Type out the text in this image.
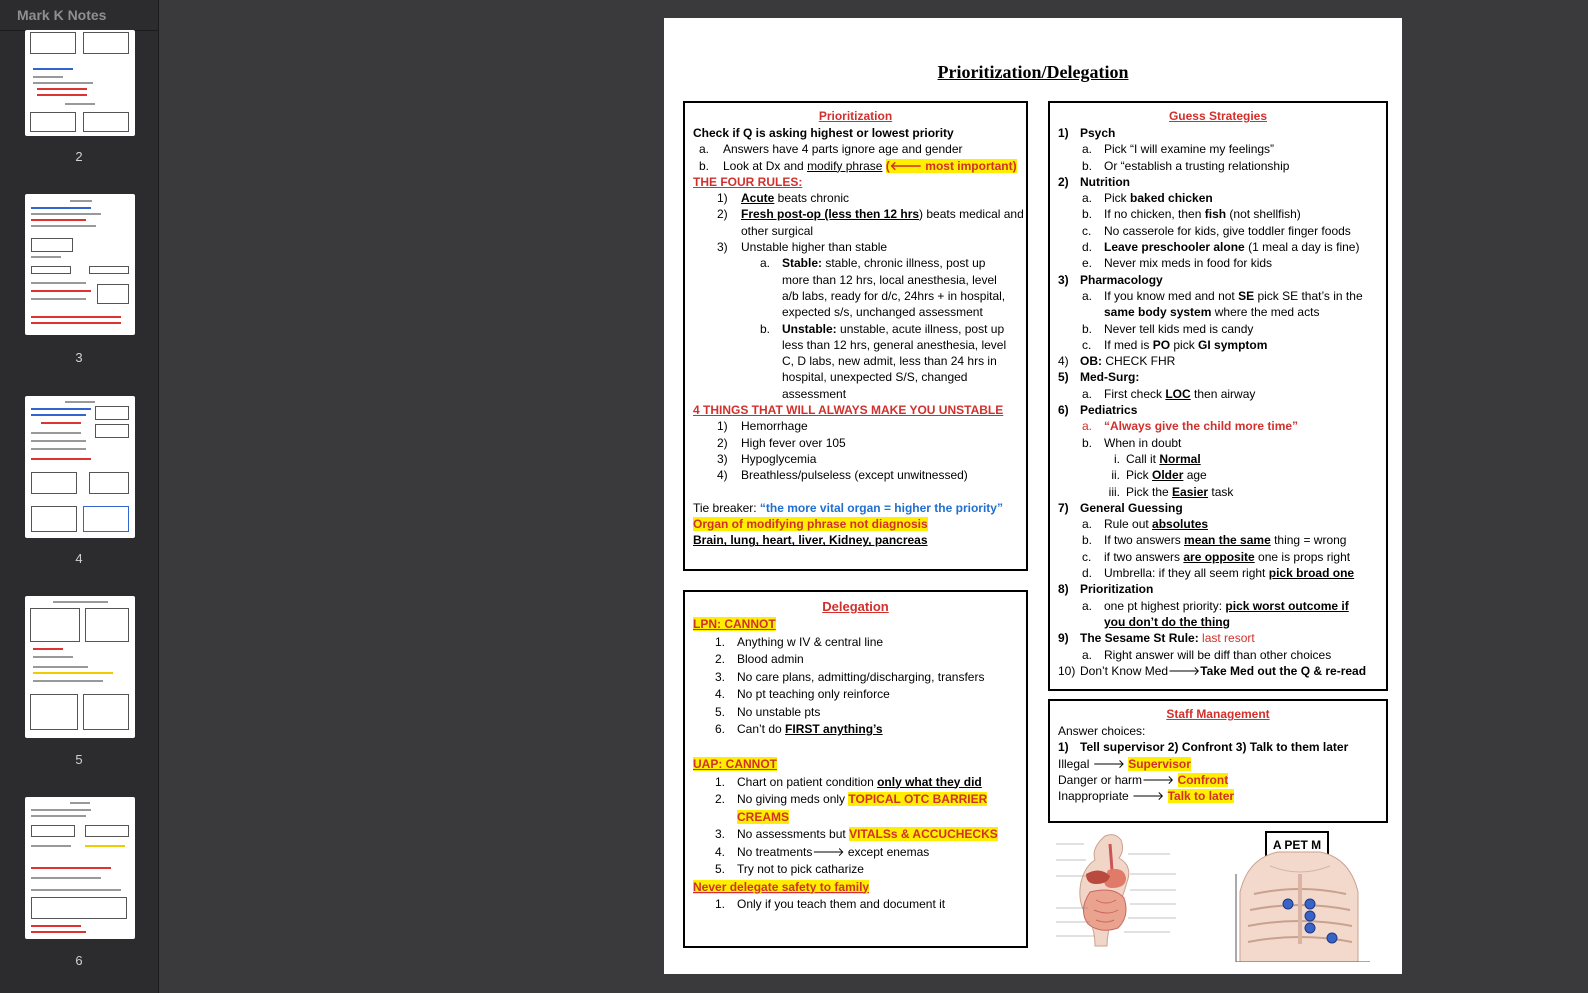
Mark K Notes
2
3
4
5
6
Prioritization/Delegation
Prioritization
Check if Q is asking highest or lowest priority
a. Answers have 4 parts ignore age and gender
b. Look at Dx and modify phrase (🡐 most important)
THE FOUR RULES:
1) Acute beats chronic
2) Fresh post-op (less then 12 hrs) beats medical and
other surgical
3) Unstable higher than stable
a. Stable: stable, chronic illness, post up
more than 12 hrs, local anesthesia, level
a/b labs, ready for d/c, 24hrs + in hospital,
expected s/s, unchanged assessment
b. Unstable: unstable, acute illness, post up
less than 12 hrs, general anesthesia, level
C, D labs, new admit, less than 24 hrs in
hospital, unexpected S/S, changed
assessment
4 THINGS THAT WILL ALWAYS MAKE YOU UNSTABLE
1) Hemorrhage
2) High fever over 105
3) Hypoglycemia
4) Breathless/pulseless (except unwitnessed)

Tie breaker: “the more vital organ = higher the priority”
Organ of modifying phrase not diagnosis
Brain, lung, heart, liver, Kidney, pancreas
Delegation
LPN: CANNOT
1. Anything w IV & central line
2. Blood admin
3. No care plans, admitting/discharging, transfers
4. No pt teaching only reinforce
5. No unstable pts
6. Can’t do FIRST anything’s

UAP: CANNOT
1. Chart on patient condition only what they did
2. No giving meds only TOPICAL OTC BARRIER
CREAMS
3. No assessments but VITALSs & ACCUCHECKS
4. No treatments🡒 except enemas
5. Try not to pick catharize
Never delegate safety to family
1. Only if you teach them and document it
Guess Strategies
1) Psych
a. Pick “I will examine my feelings”
b. Or “establish a trusting relationship
2) Nutrition
a. Pick baked chicken
b. If no chicken, then fish (not shellfish)
c. No casserole for kids, give toddler finger foods
d. Leave preschooler alone (1 meal a day is fine)
e. Never mix meds in food for kids
3) Pharmacology
a. If you know med and not SE pick SE that’s in the
same body system where the med acts
b. Never tell kids med is candy
c. If med is PO pick GI symptom
4) OB: CHECK FHR
5) Med-Surg:
a. First check LOC then airway
6) Pediatrics
a. “Always give the child more time”
b. When in doubt
i. Call it Normal
ii. Pick Older age
iii. Pick the Easier task
7) General Guessing
a. Rule out absolutes
b. If two answers mean the same thing = wrong
c. if two answers are opposite one is props right
d. Umbrella: if they all seem right pick broad one
8) Prioritization
a. one pt highest priority: pick worst outcome if
you don’t do the thing
9) The Sesame St Rule: last resort
a. Right answer will be diff than other choices
10) Don’t Know Med🡒Take Med out the Q & re-read
Staff Management
Answer choices:
1) Tell supervisor 2) Confront 3) Talk to them later
Illegal 🡒 Supervisor
Danger or harm🡒 Confront
Inappropriate 🡒 Talk to later
A PET M
